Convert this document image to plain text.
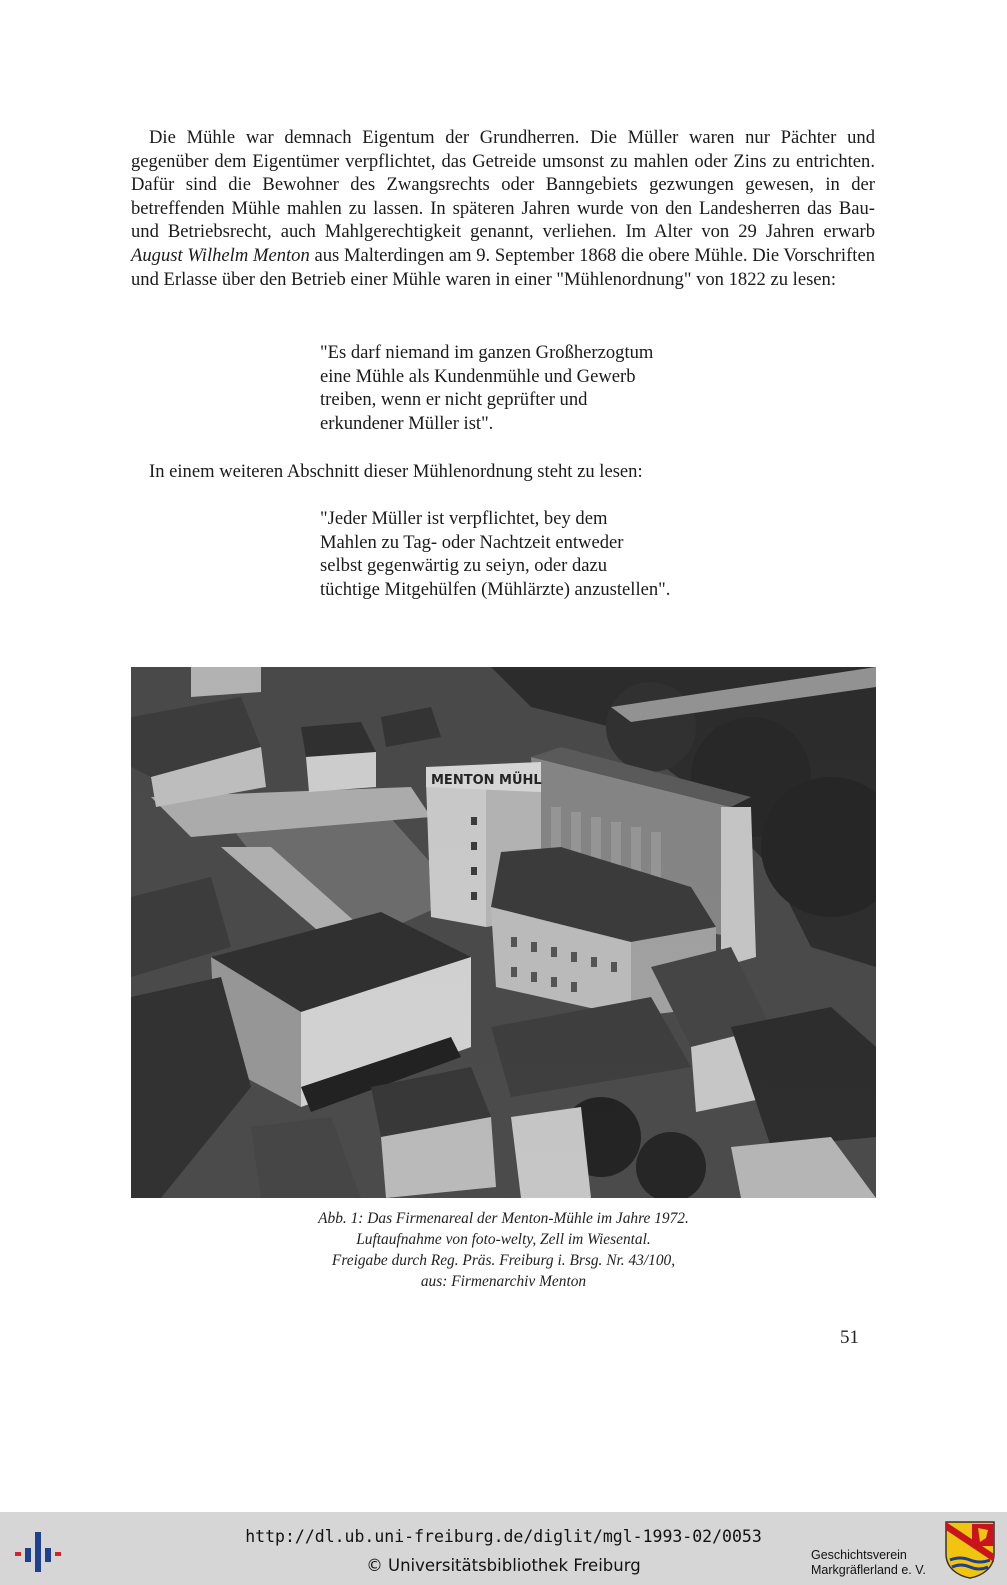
Die Mühle war demnach Eigentum der Grundherren. Die Müller waren nur Pächter und gegenüber dem Eigentümer verpflichtet, das Getreide umsonst zu mahlen oder Zins zu entrichten. Dafür sind die Bewohner des Zwangsrechts oder Banngebiets gezwungen gewesen, in der betreffenden Mühle mahlen zu lassen. In späteren Jahren wurde von den Landesherren das Bau- und Betriebsrecht, auch Mahlgerechtigkeit genannt, verliehen. Im Alter von 29 Jahren erwarb August Wilhelm Menton aus Malterdingen am 9. September 1868 die obere Mühle. Die Vorschriften und Erlasse über den Betrieb einer Mühle waren in einer "Mühlenordnung" von 1822 zu lesen:

"Es darf niemand im ganzen Großherzogtum
eine Mühle als Kundenmühle und Gewerb
treiben, wenn er nicht geprüfter und
erkundener Müller ist".

In einem weiteren Abschnitt dieser Mühlenordnung steht zu lesen:

"Jeder Müller ist verpflichtet, bey dem
Mahlen zu Tag- oder Nachtzeit entweder
selbst gegenwärtig zu seiyn, oder dazu
tüchtige Mitgehülfen (Mühlärzte) anzustellen".
MENTON MÜHL
Abb. 1: Das Firmenareal der Menton-Mühle im Jahre 1972.
Luftaufnahme von foto-welty, Zell im Wiesental.
Freigabe durch Reg. Präs. Freiburg i. Brsg. Nr. 43/100,
aus: Firmenarchiv Menton
51
http://dl.ub.uni-freiburg.de/diglit/mgl-1993-02/0053
© Universitätsbibliothek Freiburg
Geschichtsverein
Markgräflerland e. V.
